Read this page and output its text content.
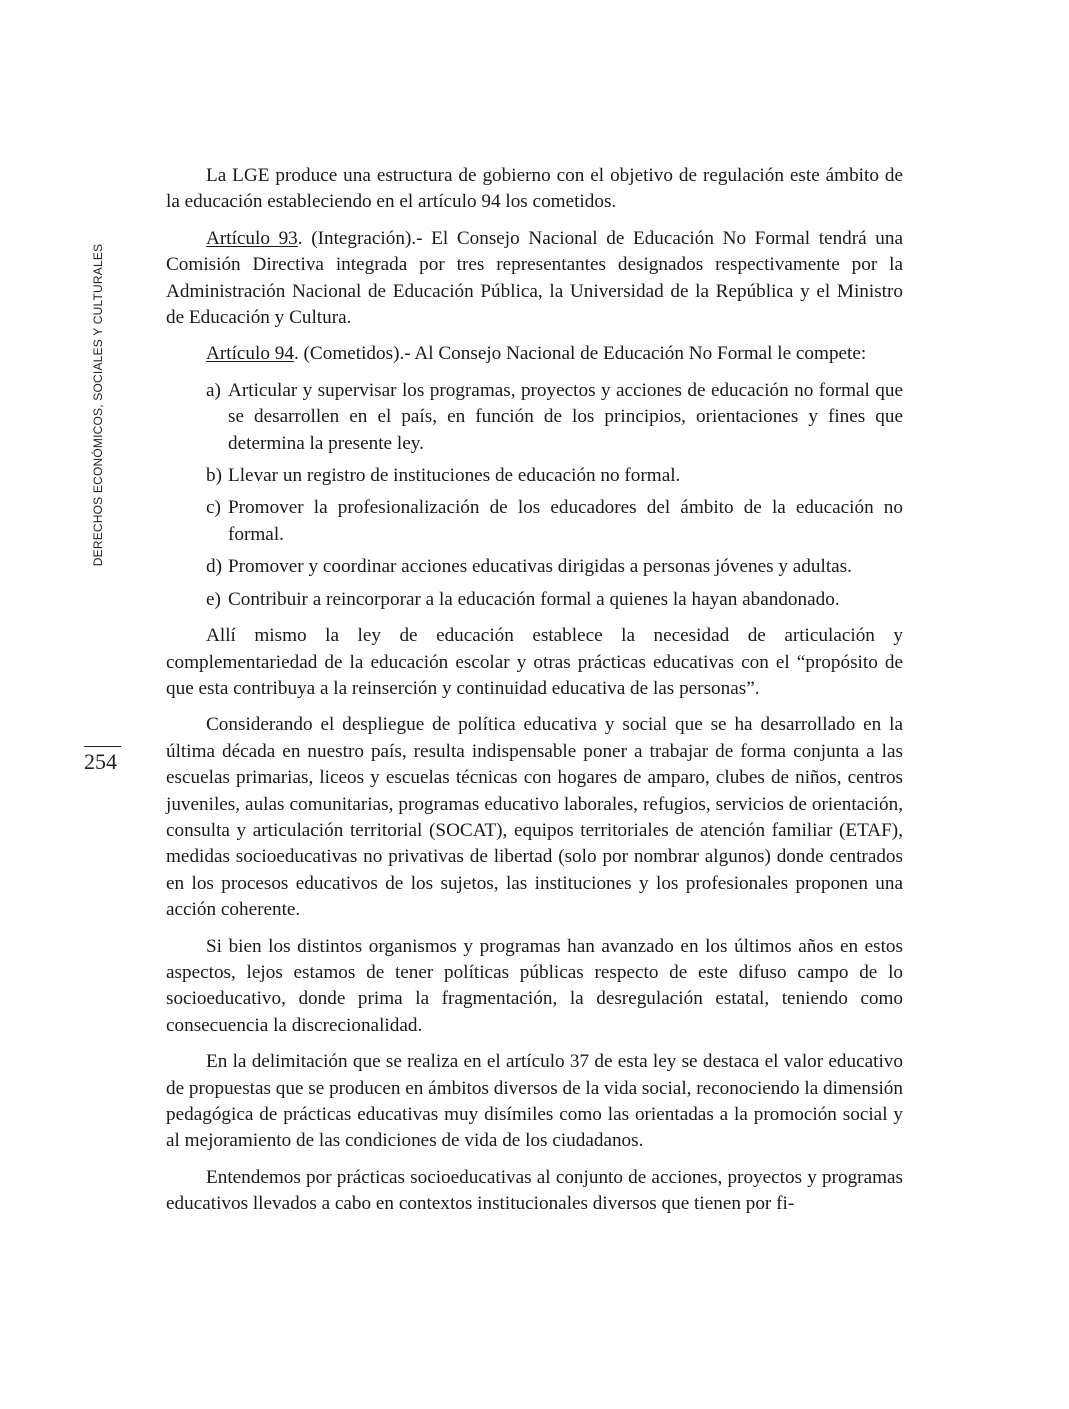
DERECHOS ECONÓMICOS, SOCIALES Y CULTURALES
254

La LGE produce una estructura de gobierno con el objetivo de regulación este ámbito de la educación estableciendo en el artículo 94 los cometidos.

Artículo 93. (Integración).- El Consejo Nacional de Educación No Formal tendrá una Comisión Directiva integrada por tres representantes designados respectivamente por la Administración Nacional de Educación Pública, la Universidad de la República y el Ministro de Educación y Cultura.

Artículo 94. (Cometidos).- Al Consejo Nacional de Educación No Formal le compete:

a) Articular y supervisar los programas, proyectos y acciones de educación no formal que se desarrollen en el país, en función de los principios, orientaciones y fines que determina la presente ley.
b) Llevar un registro de instituciones de educación no formal.
c) Promover la profesionalización de los educadores del ámbito de la educación no formal.
d) Promover y coordinar acciones educativas dirigidas a personas jóvenes y adultas.
e) Contribuir a reincorporar a la educación formal a quienes la hayan abandonado.

Allí mismo la ley de educación establece la necesidad de articulación y complementariedad de la educación escolar y otras prácticas educativas con el “propósito de que esta contribuya a la reinserción y continuidad educativa de las personas”.

Considerando el despliegue de política educativa y social que se ha desarrollado en la última década en nuestro país, resulta indispensable poner a trabajar de forma conjunta a las escuelas primarias, liceos y escuelas técnicas con hogares de amparo, clubes de niños, centros juveniles, aulas comunitarias, programas educativo laborales, refugios, servicios de orientación, consulta y articulación territorial (SOCAT), equipos territoriales de atención familiar (ETAF), medidas socioeducativas no privativas de libertad (solo por nombrar algunos) donde centrados en los procesos educativos de los sujetos, las instituciones y los profesionales proponen una acción coherente.

Si bien los distintos organismos y programas han avanzado en los últimos años en estos aspectos, lejos estamos de tener políticas públicas respecto de este difuso campo de lo socioeducativo, donde prima la fragmentación, la desregulación estatal, teniendo como consecuencia la discrecionalidad.

En la delimitación que se realiza en el artículo 37 de esta ley se destaca el valor educativo de propuestas que se producen en ámbitos diversos de la vida social, reconociendo la dimensión pedagógica de prácticas educativas muy disímiles como las orientadas a la promoción social y al mejoramiento de las condiciones de vida de los ciudadanos.

Entendemos por prácticas socioeducativas al conjunto de acciones, proyectos y programas educativos llevados a cabo en contextos institucionales diversos que tienen por fi-
